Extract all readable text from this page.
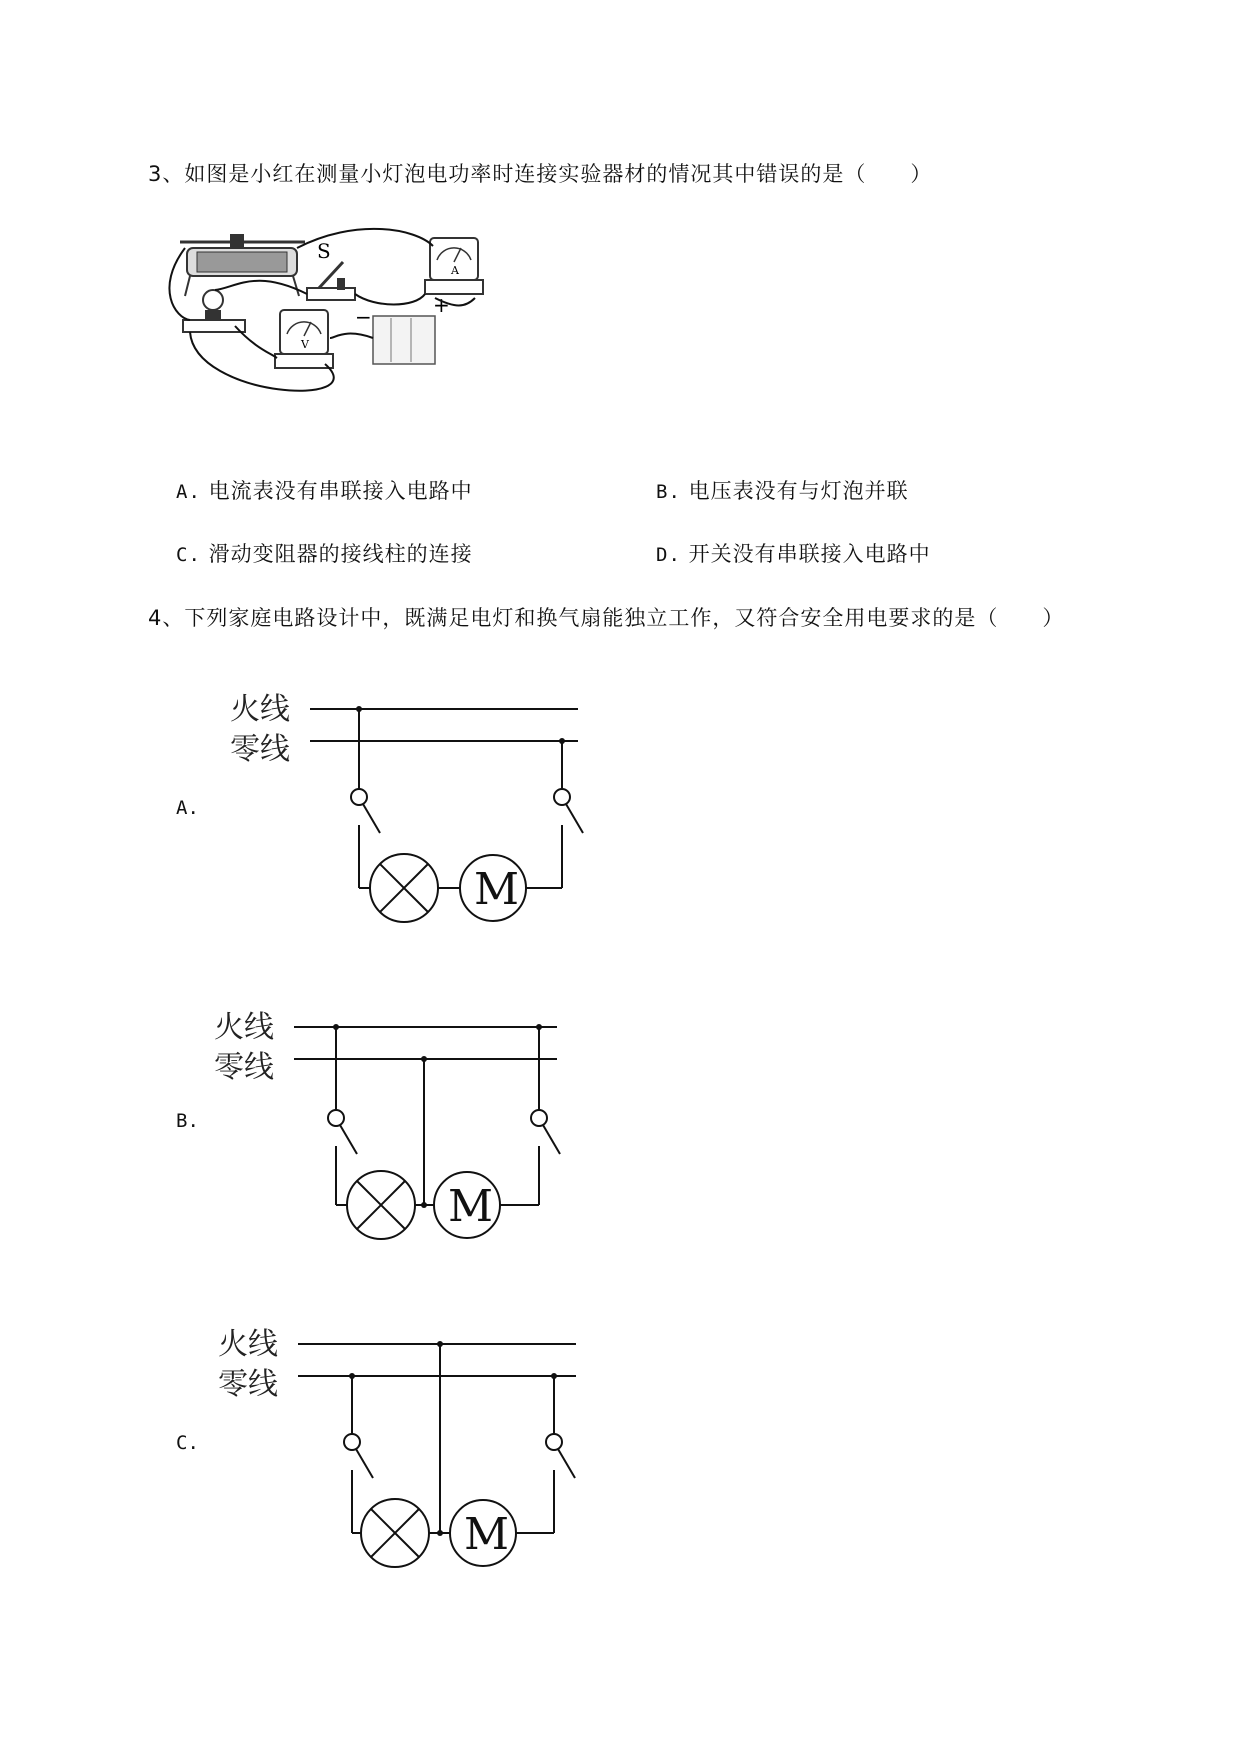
3、如图是小红在测量小灯泡电功率时连接实验器材的情况其中错误的是（　　）
A
S
V
−	+
A. 电流表没有串联接入电路中	B. 电压表没有与灯泡并联
C. 滑动变阻器的接线柱的连接	D. 开关没有串联接入电路中
4、下列家庭电路设计中，既满足电灯和换气扇能独立工作，又符合安全用电要求的是（　　）
A.
火线
零线
M
B.
火线
零线
M
C.
火线
零线
M
